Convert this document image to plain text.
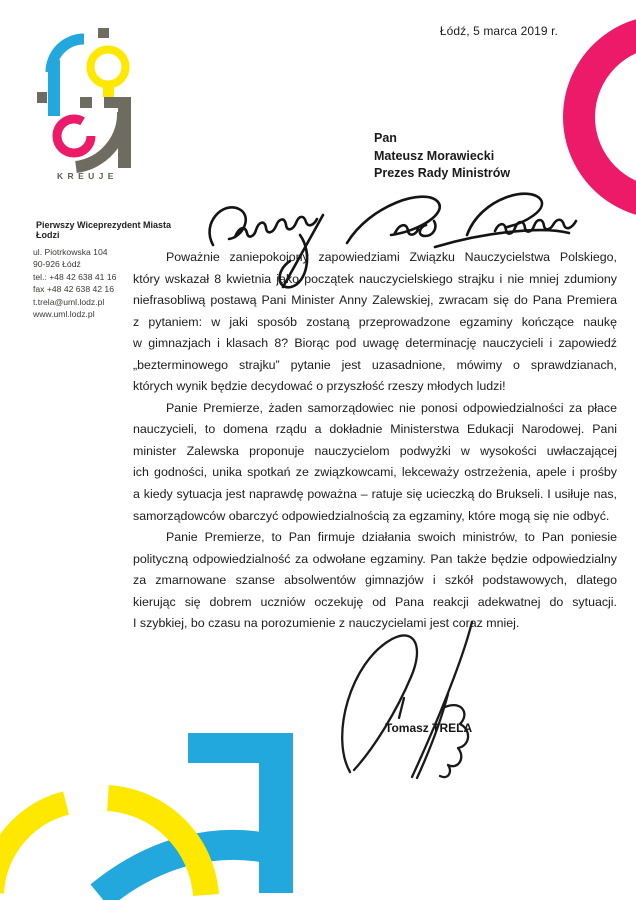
Łódź, 5 marca 2019 r.
KREUJE
Pierwszy Wiceprezydent Miasta Łodzi
ul. Piotrkowska 104
90-926 Łódź
tel.: +48 42 638 41 16
fax +48 42 638 42 16
t.trela@uml.lodz.pl
www.uml.lodz.pl
Pan
Mateusz Morawiecki
Prezes Rady Ministrów
Poważnie zaniepokojony zapowiedziami Związku Nauczycielstwa Polskiego,
który wskazał 8 kwietnia jako początek nauczycielskiego strajku i nie mniej zdumiony
niefrasobliwą postawą Pani Minister Anny Zalewskiej, zwracam się do Pana Premiera
z pytaniem: w jaki sposób zostaną przeprowadzone egzaminy kończące naukę
w gimnazjach i klasach 8? Biorąc pod uwagę determinację nauczycieli i zapowiedź
„bezterminowego strajku” pytanie jest uzasadnione, mówimy o sprawdzianach,
których wynik będzie decydować o przyszłość rzeszy młodych ludzi!
Panie Premierze, żaden samorządowiec nie ponosi odpowiedzialności za płace
nauczycieli, to domena rządu a dokładnie Ministerstwa Edukacji Narodowej. Pani
minister Zalewska proponuje nauczycielom podwyżki w wysokości uwłaczającej
ich godności, unika spotkań ze związkowcami, lekceważy ostrzeżenia, apele i prośby
a kiedy sytuacja jest naprawdę poważna – ratuje się ucieczką do Brukseli. I usiłuje nas,
samorządowców obarczyć odpowiedzialnością za egzaminy, które mogą się nie odbyć.
Panie Premierze, to Pan firmuje działania swoich ministrów, to Pan poniesie
polityczną odpowiedzialność za odwołane egzaminy. Pan także będzie odpowiedzialny
za zmarnowane szanse absolwentów gimnazjów i szkół podstawowych, dlatego
kierując się dobrem uczniów oczekuję od Pana reakcji adekwatnej do sytuacji.
I szybkiej, bo czasu na porozumienie z nauczycielami jest coraz mniej.
Tomasz TRELA
